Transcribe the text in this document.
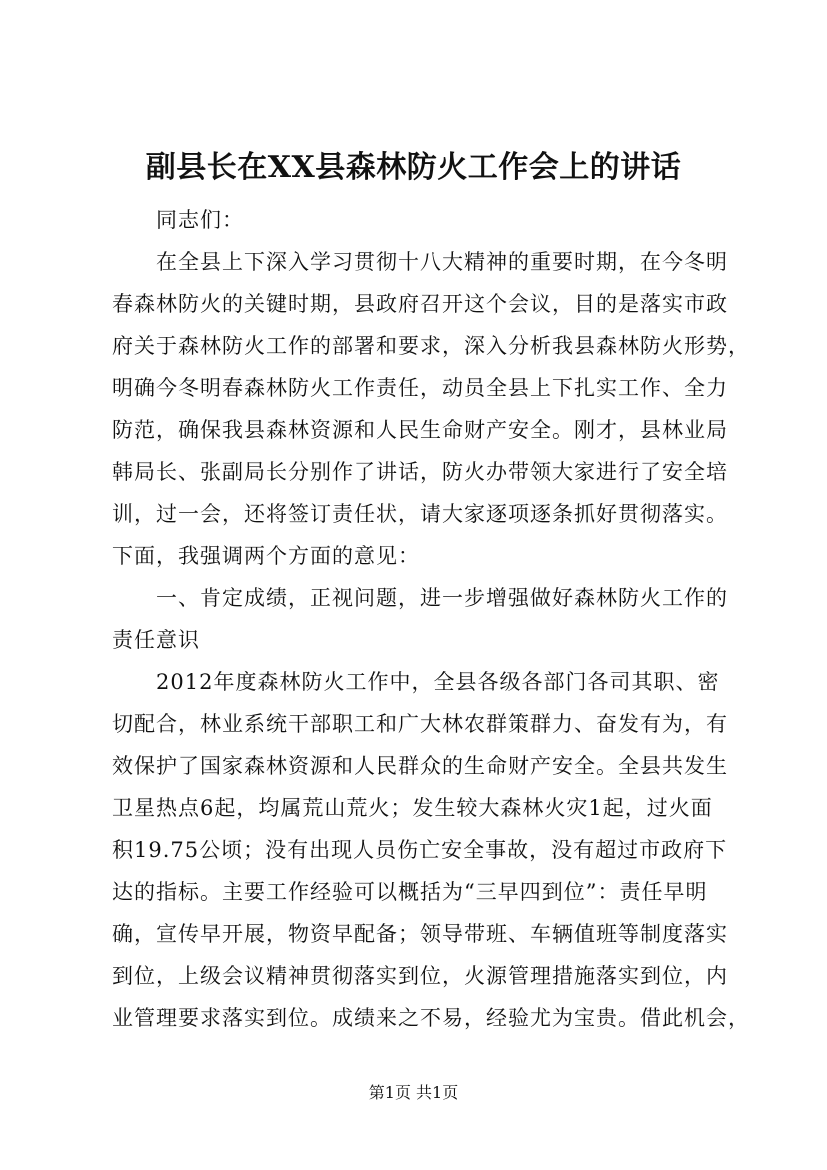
副县长在XX县森林防火工作会上的讲话
同志们：
在全县上下深入学习贯彻十八大精神的重要时期，在今冬明
春森林防火的关键时期，县政府召开这个会议，目的是落实市政
府关于森林防火工作的部署和要求，深入分析我县森林防火形势，
明确今冬明春森林防火工作责任，动员全县上下扎实工作、全力
防范，确保我县森林资源和人民生命财产安全。刚才，县林业局
韩局长、张副局长分别作了讲话，防火办带领大家进行了安全培
训，过一会，还将签订责任状，请大家逐项逐条抓好贯彻落实。
下面，我强调两个方面的意见：
一、肯定成绩，正视问题，进一步增强做好森林防火工作的
责任意识
2012年度森林防火工作中，全县各级各部门各司其职、密
切配合，林业系统干部职工和广大林农群策群力、奋发有为，有
效保护了国家森林资源和人民群众的生命财产安全。全县共发生
卫星热点6起，均属荒山荒火；发生较大森林火灾1起，过火面
积19.75公顷；没有出现人员伤亡安全事故，没有超过市政府下
达的指标。主要工作经验可以概括为“三早四到位”：责任早明
确，宣传早开展，物资早配备；领导带班、车辆值班等制度落实
到位，上级会议精神贯彻落实到位，火源管理措施落实到位，内
业管理要求落实到位。成绩来之不易，经验尤为宝贵。借此机会，
第1页 共1页
